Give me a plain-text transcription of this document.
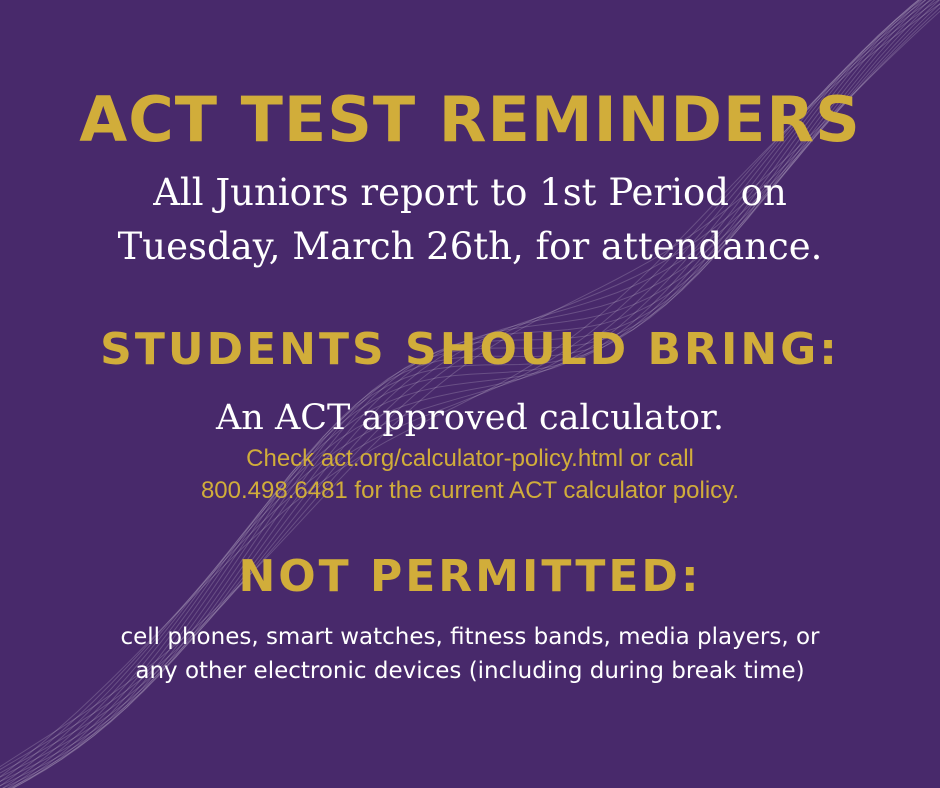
ACT TEST REMINDERS
All Juniors report to 1st Period on
Tuesday, March 26th, for attendance.
STUDENTS SHOULD BRING:
An ACT approved calculator.
Check act.org/calculator-policy.html or call
800.498.6481 for the current ACT calculator policy.
NOT PERMITTED:
cell phones, smart watches, fitness bands, media players, or
any other electronic devices (including during break time)
